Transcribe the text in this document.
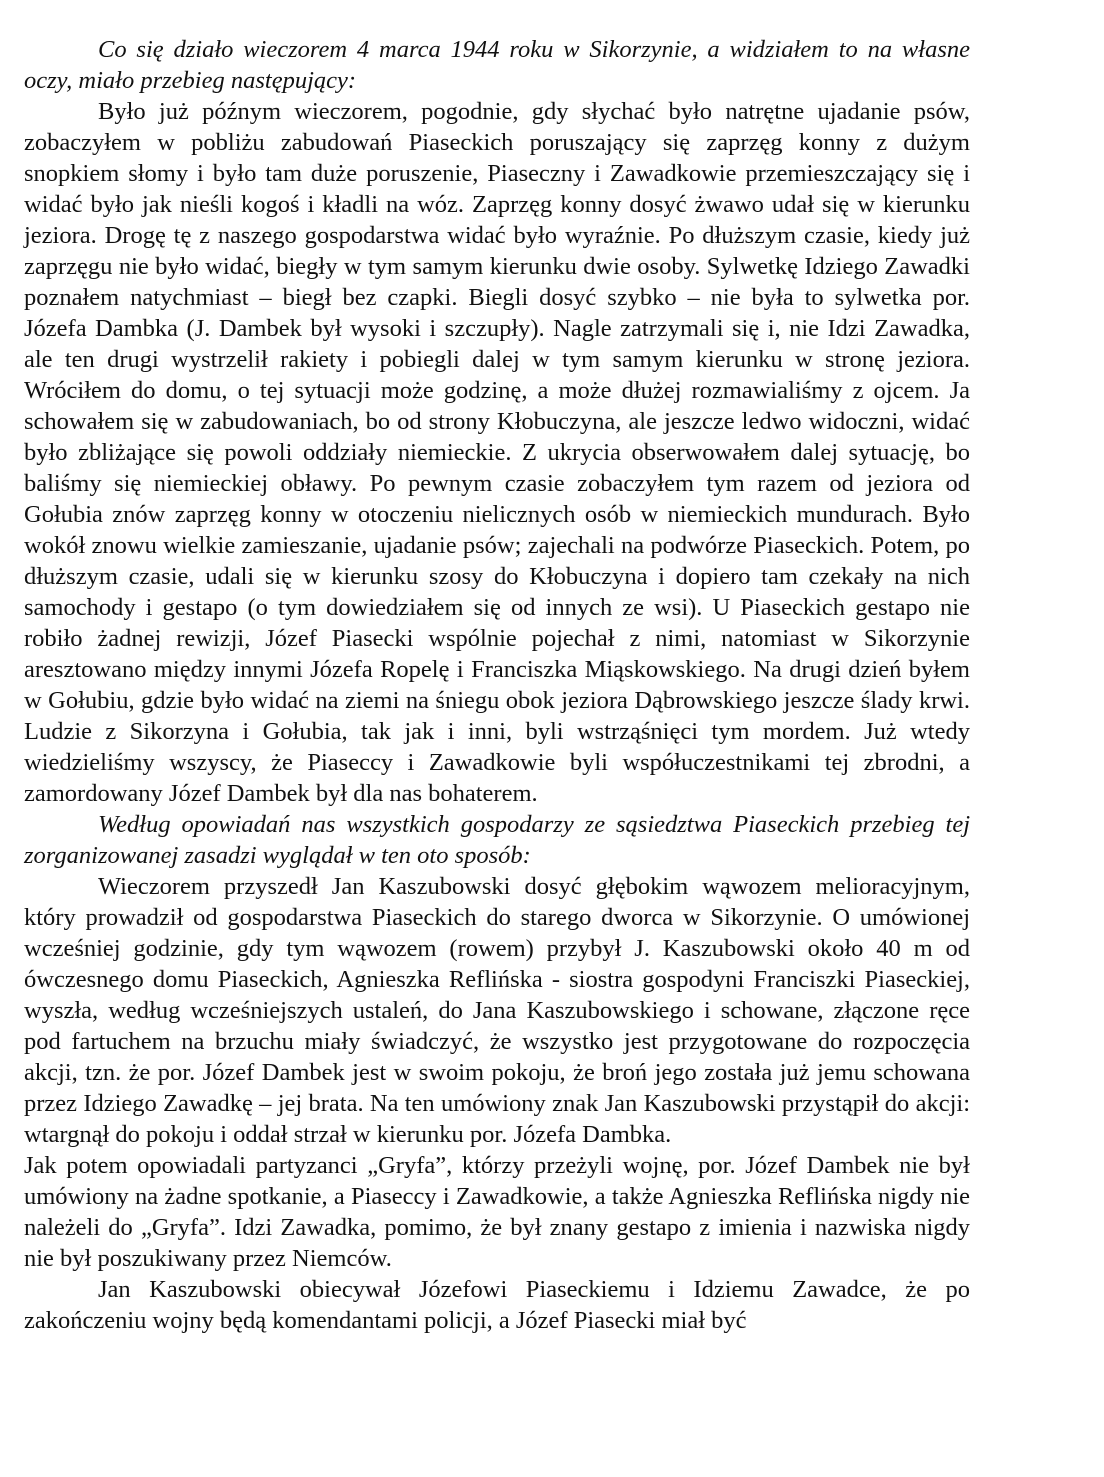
Co się działo wieczorem 4 marca 1944 roku w Sikorzynie, a widziałem to na własne oczy, miało przebieg następujący:

Było już późnym wieczorem, pogodnie, gdy słychać było natrętne ujadanie psów, zobaczyłem w pobliżu zabudowań Piaseckich poruszający się zaprzęg konny z dużym snopkiem słomy i było tam duże poruszenie, Piaseczny i Zawadkowie przemieszczający się i widać było jak nieśli kogoś i kładli na wóz. Zaprzęg konny dosyć żwawo udał się w kierunku jeziora. Drogę tę z naszego gospodarstwa widać było wyraźnie. Po dłuższym czasie, kiedy już zaprzęgu nie było widać, biegły w tym samym kierunku dwie osoby. Sylwetkę Idziego Zawadki poznałem natychmiast – biegł bez czapki. Biegli dosyć szybko – nie była to sylwetka por. Józefa Dambka (J. Dambek był wysoki i szczupły). Nagle zatrzymali się i, nie Idzi Zawadka, ale ten drugi wystrzelił rakiety i pobiegli dalej w tym samym kierunku w stronę jeziora. Wróciłem do domu, o tej sytuacji może godzinę, a może dłużej rozmawialiśmy z ojcem. Ja schowałem się w zabudowaniach, bo od strony Kłobuczyna, ale jeszcze ledwo widoczni, widać było zbliżające się powoli oddziały niemieckie. Z ukrycia obserwowałem dalej sytuację, bo baliśmy się niemieckiej obławy. Po pewnym czasie zobaczyłem tym razem od jeziora od Gołubia znów zaprzęg konny w otoczeniu nielicznych osób w niemieckich mundurach. Było wokół znowu wielkie zamieszanie, ujadanie psów; zajechali na podwórze Piaseckich. Potem, po dłuższym czasie, udali się w kierunku szosy do Kłobuczyna i dopiero tam czekały na nich samochody i gestapo (o tym dowiedziałem się od innych ze wsi). U Piaseckich gestapo nie robiło żadnej rewizji, Józef Piasecki wspólnie pojechał z nimi, natomiast w Sikorzynie aresztowano między innymi Józefa Ropelę i Franciszka Miąskowskiego. Na drugi dzień byłem w Gołubiu, gdzie było widać na ziemi na śniegu obok jeziora Dąbrowskiego jeszcze ślady krwi. Ludzie z Sikorzyna i Gołubia, tak jak i inni, byli wstrząśnięci tym mordem. Już wtedy wiedzieliśmy wszyscy, że Piaseccy i Zawadkowie byli współuczestnikami tej zbrodni, a zamordowany Józef Dambek był dla nas bohaterem.

Według opowiadań nas wszystkich gospodarzy ze sąsiedztwa Piaseckich przebieg tej zorganizowanej zasadzi wyglądał w ten oto sposób:

Wieczorem przyszedł Jan Kaszubowski dosyć głębokim wąwozem melioracyjnym, który prowadził od gospodarstwa Piaseckich do starego dworca w Sikorzynie. O umówionej wcześniej godzinie, gdy tym wąwozem (rowem) przybył J. Kaszubowski około 40 m od ówczesnego domu Piaseckich, Agnieszka Reflińska - siostra gospodyni Franciszki Piaseckiej, wyszła, według wcześniejszych ustaleń, do Jana Kaszubowskiego i schowane, złączone ręce pod fartuchem na brzuchu miały świadczyć, że wszystko jest przygotowane do rozpoczęcia akcji, tzn. że por. Józef Dambek jest w swoim pokoju, że broń jego została już jemu schowana przez Idziego Zawadkę – jej brata. Na ten umówiony znak Jan Kaszubowski przystąpił do akcji: wtargnął do pokoju i oddał strzał w kierunku por. Józefa Dambka.

Jak potem opowiadali partyzanci „Gryfa”, którzy przeżyli wojnę, por. Józef Dambek nie był umówiony na żadne spotkanie, a Piaseccy i Zawadkowie, a także Agnieszka Reflińska nigdy nie należeli do „Gryfa”. Idzi Zawadka, pomimo, że był znany gestapo z imienia i nazwiska nigdy nie był poszukiwany przez Niemców.

Jan Kaszubowski obiecywał Józefowi Piaseckiemu i Idziemu Zawadce, że po zakończeniu wojny będą komendantami policji, a Józef Piasecki miał być
